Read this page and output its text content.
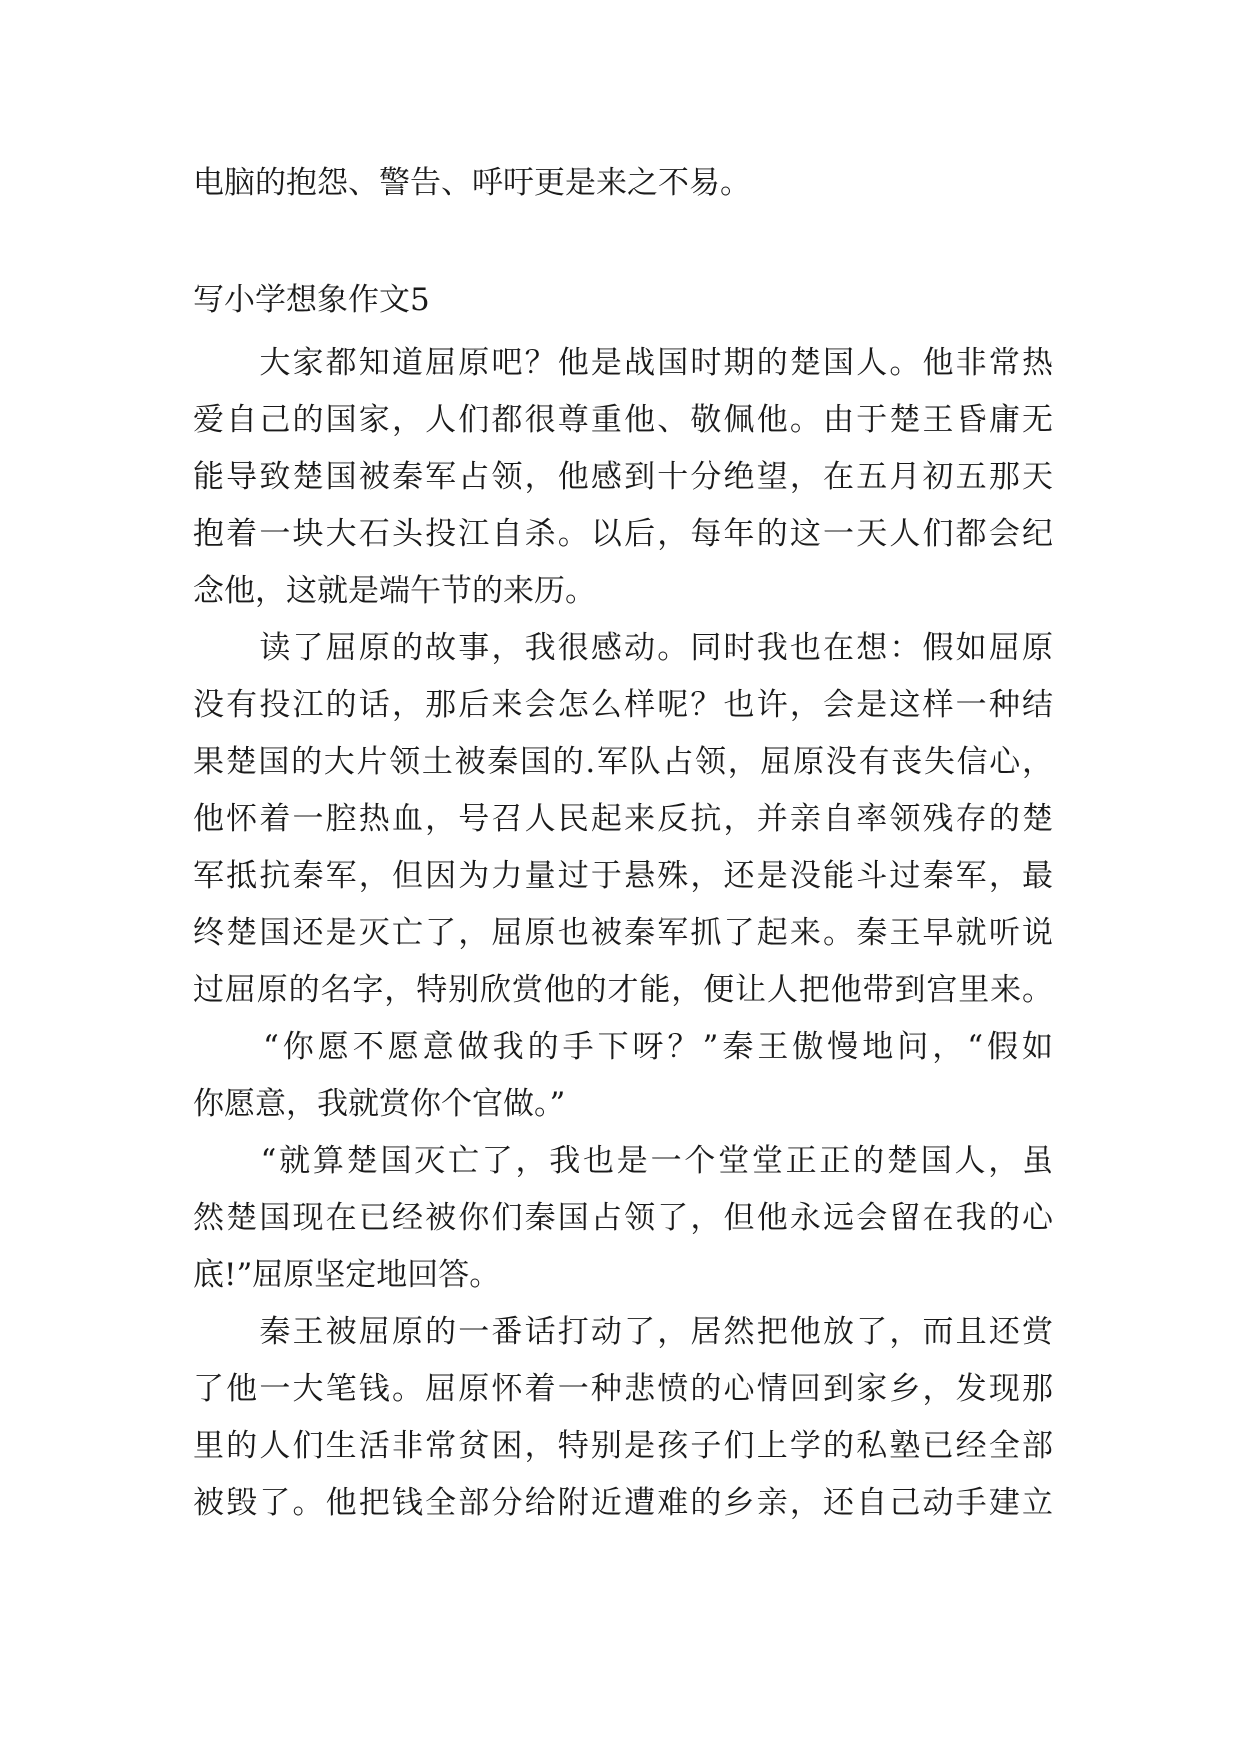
电脑的抱怨、警告、呼吁更是来之不易。
写小学想象作文5
　　大家都知道屈原吧？他是战国时期的楚国人。他非常热
爱自己的国家，人们都很尊重他、敬佩他。由于楚王昏庸无
能导致楚国被秦军占领，他感到十分绝望，在五月初五那天
抱着一块大石头投江自杀。以后，每年的这一天人们都会纪
念他，这就是端午节的来历。
　　读了屈原的故事，我很感动。同时我也在想：假如屈原
没有投江的话，那后来会怎么样呢？也许，会是这样一种结
果楚国的大片领土被秦国的.军队占领，屈原没有丧失信心，
他怀着一腔热血，号召人民起来反抗，并亲自率领残存的楚
军抵抗秦军，但因为力量过于悬殊，还是没能斗过秦军，最
终楚国还是灭亡了，屈原也被秦军抓了起来。秦王早就听说
过屈原的名字，特别欣赏他的才能，便让人把他带到宫里来。
　　“你愿不愿意做我的手下呀？”秦王傲慢地问，“假如
你愿意，我就赏你个官做。”
　　“就算楚国灭亡了，我也是一个堂堂正正的楚国人，虽
然楚国现在已经被你们秦国占领了，但他永远会留在我的心
底!”屈原坚定地回答。
　　秦王被屈原的一番话打动了，居然把他放了，而且还赏
了他一大笔钱。屈原怀着一种悲愤的心情回到家乡，发现那
里的人们生活非常贫困，特别是孩子们上学的私塾已经全部
被毁了。他把钱全部分给附近遭难的乡亲，还自己动手建立
